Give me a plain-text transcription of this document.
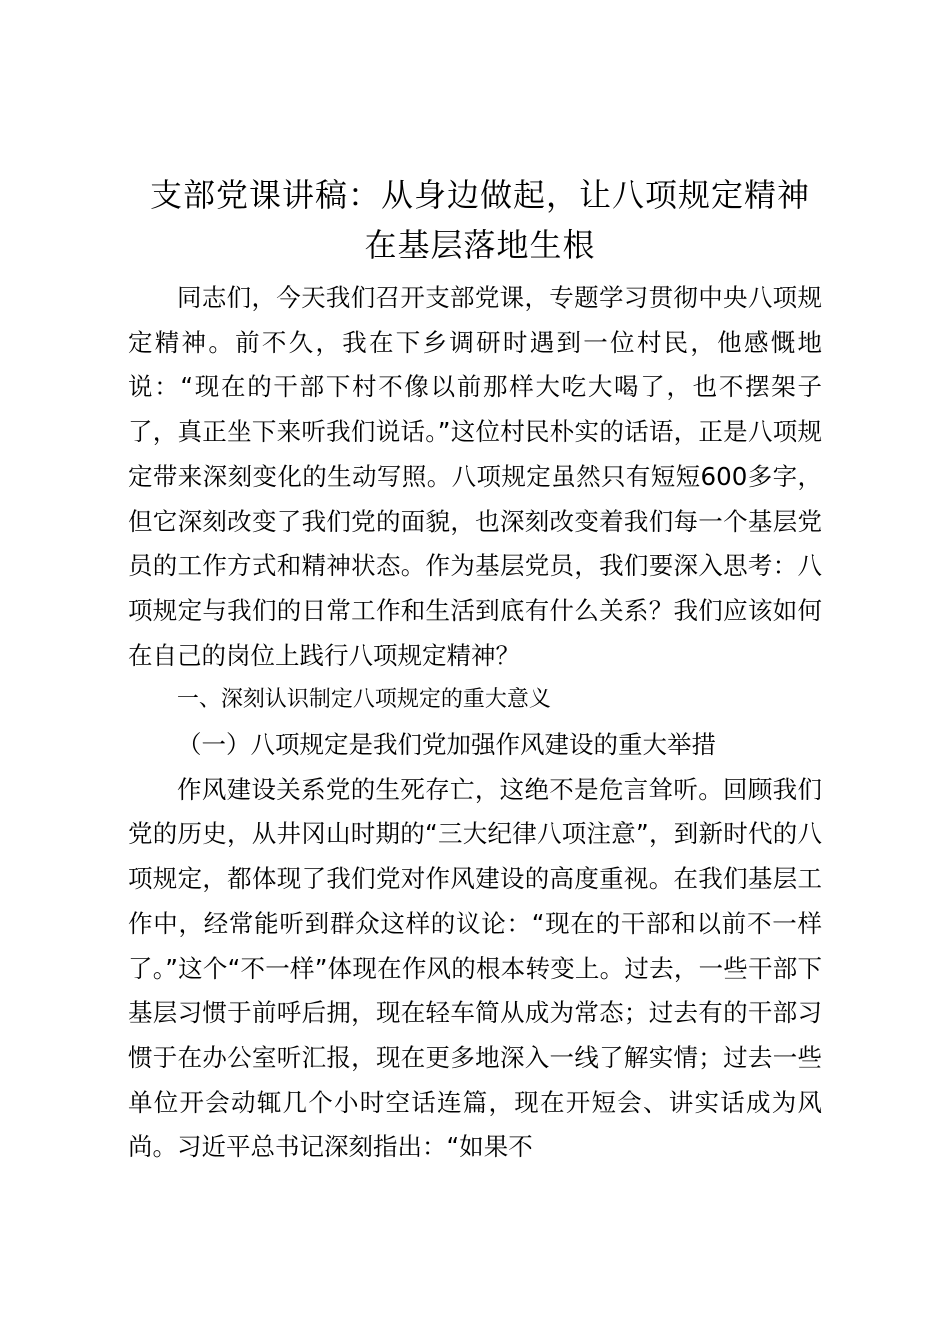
支部党课讲稿：从身边做起，让八项规定精神
在基层落地生根

同志们，今天我们召开支部党课，专题学习贯彻中央八项规定精神。前不久，我在下乡调研时遇到一位村民，他感慨地说：“现在的干部下村不像以前那样大吃大喝了，也不摆架子了，真正坐下来听我们说话。”这位村民朴实的话语，正是八项规定带来深刻变化的生动写照。八项规定虽然只有短短600多字，但它深刻改变了我们党的面貌，也深刻改变着我们每一个基层党员的工作方式和精神状态。作为基层党员，我们要深入思考：八项规定与我们的日常工作和生活到底有什么关系？我们应该如何在自己的岗位上践行八项规定精神？

一、深刻认识制定八项规定的重大意义

（一）八项规定是我们党加强作风建设的重大举措

作风建设关系党的生死存亡，这绝不是危言耸听。回顾我们党的历史，从井冈山时期的“三大纪律八项注意”，到新时代的八项规定，都体现了我们党对作风建设的高度重视。在我们基层工作中，经常能听到群众这样的议论：“现在的干部和以前不一样了。”这个“不一样”体现在作风的根本转变上。过去，一些干部下基层习惯于前呼后拥，现在轻车简从成为常态；过去有的干部习惯于在办公室听汇报，现在更多地深入一线了解实情；过去一些单位开会动辄几个小时空话连篇，现在开短会、讲实话成为风尚。习近平总书记深刻指出：“如果不
